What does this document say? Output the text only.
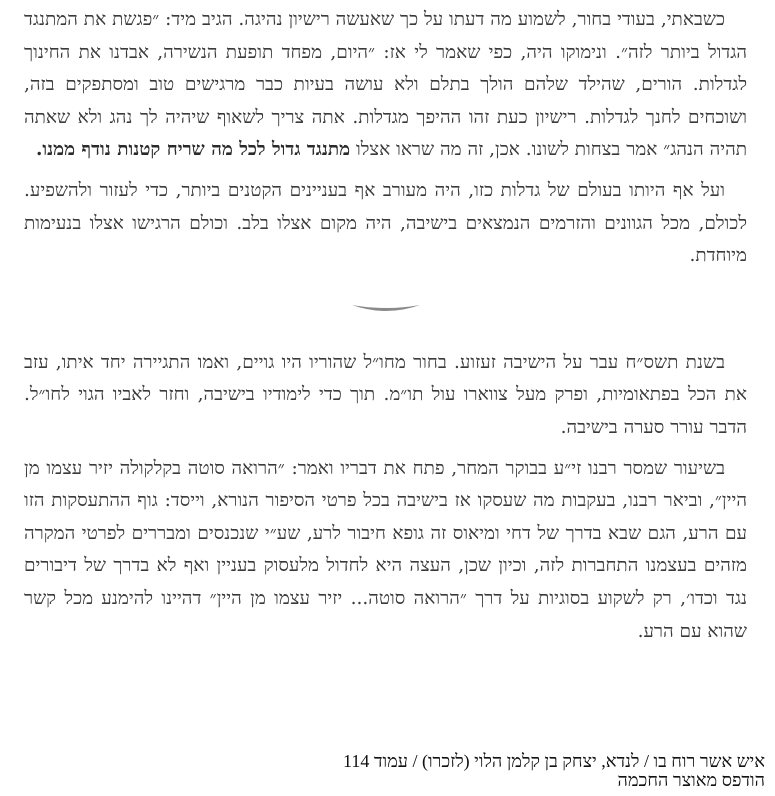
כשבאתי, בעודי בחור, לשמוע מה דעתו על כך שאעשה רישיון נהיגה. הגיב מיד: ״פגשת את המתנגד הגדול ביותר לזה״. ונימוקו היה, כפי שאמר לי אז: ״היום, מפחד תופעת הנשירה, אבדנו את החינוך לגדלות. הורים, שהילד שלהם הולך בתלם ולא עושה בעיות כבר מרגישים טוב ומסתפקים בזה, ושוכחים לחנך לגדלות. רישיון כעת זהו ההיפך מגדלות. אתה צריך לשאוף שיהיה לך נהג ולא שאתה תהיה הנהג״ אמר בצחות לשונו. אכן, זה מה שראו אצלו מתנגד גדול לכל מה שריח קטנות נודף ממנו.

ועל אף היותו בעולם של גדלות כזו, היה מעורב אף בעניינים הקטנים ביותר, כדי לעזור ולהשפיע. לכולם, מכל הגוונים והזרמים הנמצאים בישיבה, היה מקום אצלו בלב. וכולם הרגישו אצלו בנעימות מיוחדת.

בשנת תשס״ח עבר על הישיבה זעזוע. בחור מחו״ל שהוריו היו גויים, ואמו התגיירה יחד איתו, עזב את הכל בפתאומיות, ופרק מעל צווארו עול תו״מ. תוך כדי לימודיו בישיבה, וחזר לאביו הגוי לחו״ל. הדבר עורר סערה בישיבה.

בשיעור שמסר רבנו זי״ע בבוקר המחר, פתח את דבריו ואמר: ״הרואה סוטה בקלקולה יזיר עצמו מן היין״, וביאר רבנו, בעקבות מה שעסקו אז בישיבה בכל פרטי הסיפור הנורא, וייסד: גוף ההתעסקות הזו עם הרע, הגם שבא בדרך של דחי ומיאוס זה גופא חיבור לרע, שע״י שנכנסים ומבררים לפרטי המקרה מזהים בעצמנו התחברות לזה, וכיון שכן, העצה היא לחדול מלעסוק בעניין ואף לא בדרך של דיבורים נגד וכדו׳, רק לשקוע בסוגיות על דרך ״הרואה סוטה... יזיר עצמו מן היין״ דהיינו להימנע מכל קשר שהוא עם הרע.

איש אשר רוח בו / לנדא, יצחק בן קלמן הלוי (לזכרו) / עמוד 114
הודפס מאוצר החכמה
